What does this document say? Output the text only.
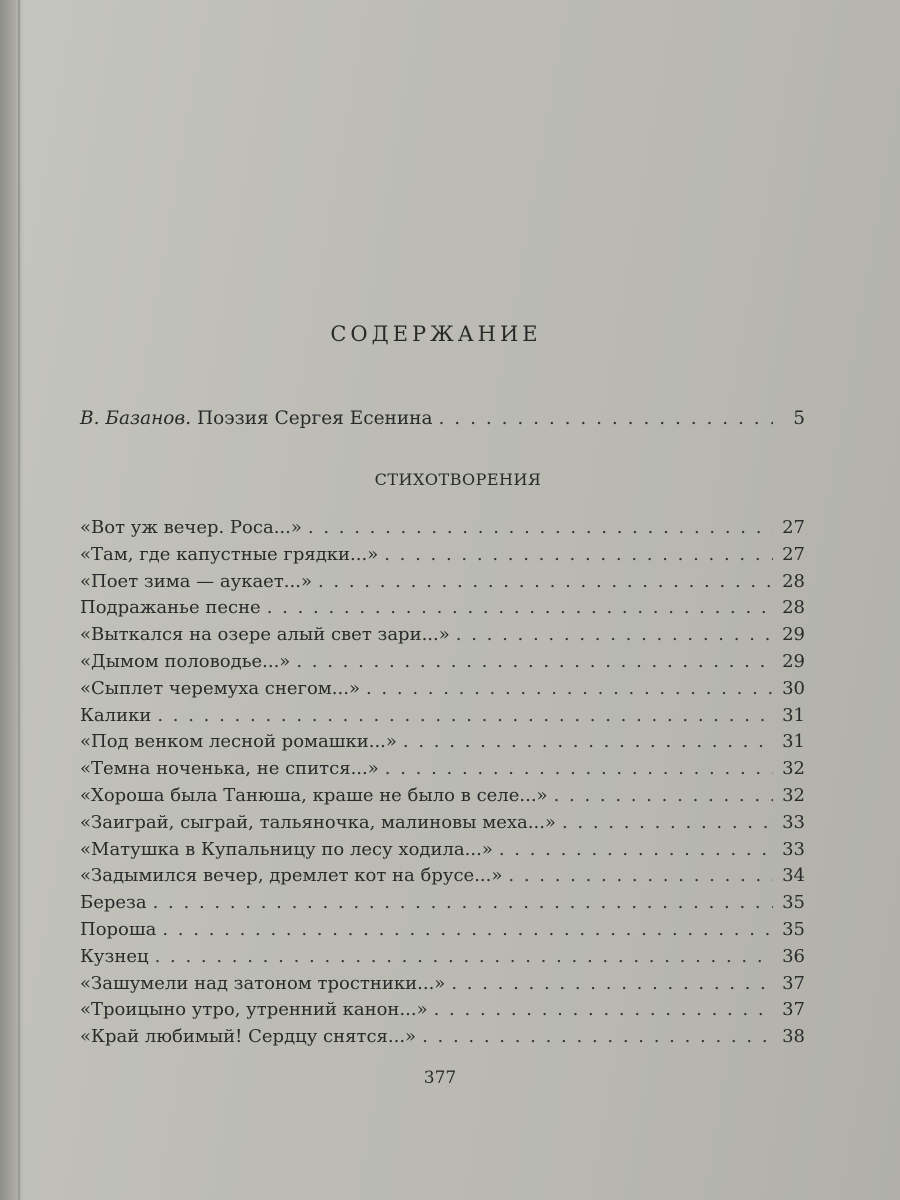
СОДЕРЖАНИЕ
В. Базанов. Поэзия Сергея Есенина . . .	5
СТИХОТВОРЕНИЯ
«Вот уж вечер. Роса...» . . .	27
«Там, где капустные грядки...» . . .	27
«Поет зима — аукает...» . . .	28
Подражанье песне . . .	28
«Выткался на озере алый свет зари...» . . .	29
«Дымом половодье...» . . .	29
«Сыплет черемуха снегом...» . . .	30
Калики . . .	31
«Под венком лесной ромашки...» . . .	31
«Темна ноченька, не спится...» . . .	32
«Хороша была Танюша, краше не было в селе...» . . .	32
«Заиграй, сыграй, тальяночка, малиновы меха...» . . .	33
«Матушка в Купальницу по лесу ходила...» . . .	33
«Задымился вечер, дремлет кот на брусе...» . . .	34
Береза . . .	35
Пороша . . .	35
Кузнец . . .	36
«Зашумели над затоном тростники...» . . .	37
«Троицыно утро, утренний канон...» . . .	37
«Край любимый! Сердцу снятся...» . . .	38
377
